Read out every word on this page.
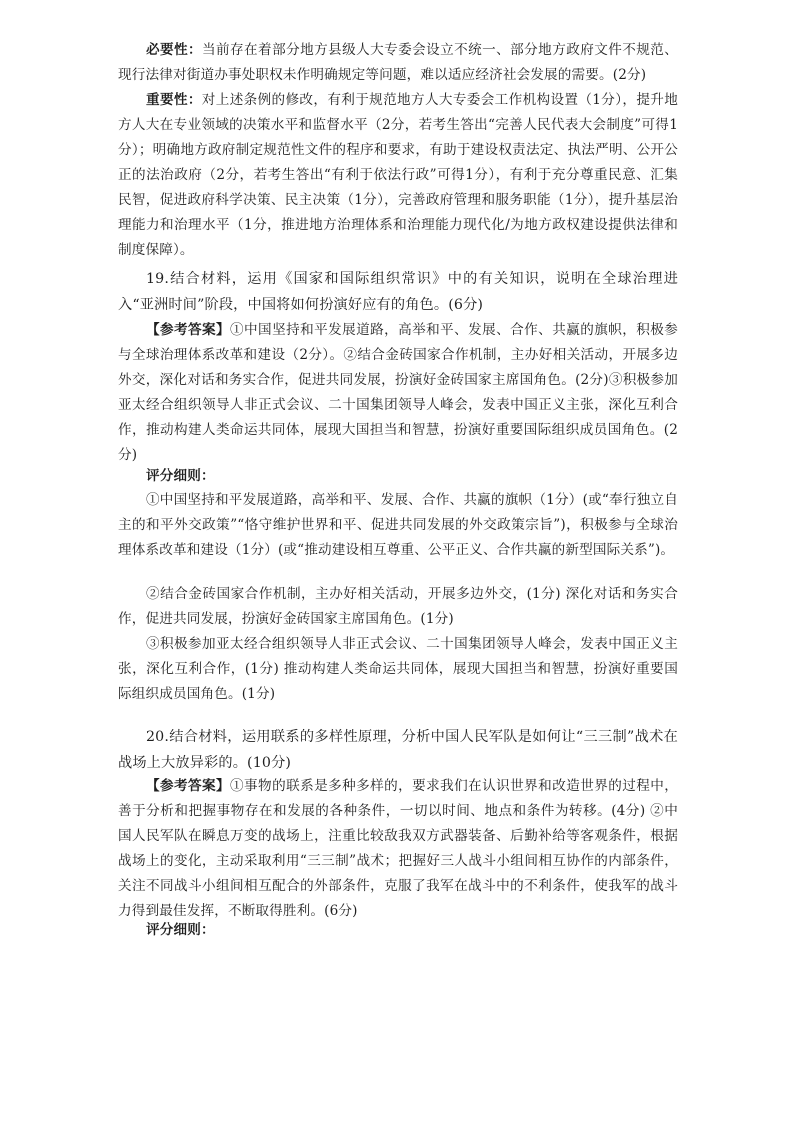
必要性：当前存在着部分地方县级人大专委会设立不统一、部分地方政府文件不规范、现行法律对街道办事处职权未作明确规定等问题，难以适应经济社会发展的需要。(2分)

重要性：对上述条例的修改，有利于规范地方人大专委会工作机构设置（1分），提升地方人大在专业领域的决策水平和监督水平（2分，若考生答出“完善人民代表大会制度”可得1分）；明确地方政府制定规范性文件的程序和要求，有助于建设权责法定、执法严明、公开公正的法治政府（2分，若考生答出“有利于依法行政”可得1分），有利于充分尊重民意、汇集民智，促进政府科学决策、民主决策（1分），完善政府管理和服务职能（1分），提升基层治理能力和治理水平（1分，推进地方治理体系和治理能力现代化/为地方政权建设提供法律和制度保障）。

19.结合材料，运用《国家和国际组织常识》中的有关知识，说明在全球治理进入“亚洲时间”阶段，中国将如何扮演好应有的角色。(6分)

【参考答案】①中国坚持和平发展道路，高举和平、发展、合作、共赢的旗帜，积极参与全球治理体系改革和建设（2分）。②结合金砖国家合作机制，主办好相关活动，开展多边外交，深化对话和务实合作，促进共同发展，扮演好金砖国家主席国角色。(2分)③积极参加亚太经合组织领导人非正式会议、二十国集团领导人峰会，发表中国正义主张，深化互利合作，推动构建人类命运共同体，展现大国担当和智慧，扮演好重要国际组织成员国角色。(2分)

评分细则：

①中国坚持和平发展道路，高举和平、发展、合作、共赢的旗帜（1分）(或“奉行独立自主的和平外交政策”“恪守维护世界和平、促进共同发展的外交政策宗旨”)，积极参与全球治理体系改革和建设（1分）(或“推动建设相互尊重、公平正义、合作共赢的新型国际关系”)。

②结合金砖国家合作机制，主办好相关活动，开展多边外交，(1分) 深化对话和务实合作，促进共同发展，扮演好金砖国家主席国角色。(1分)

③积极参加亚太经合组织领导人非正式会议、二十国集团领导人峰会，发表中国正义主张，深化互利合作，(1分) 推动构建人类命运共同体，展现大国担当和智慧，扮演好重要国际组织成员国角色。(1分)

20.结合材料，运用联系的多样性原理，分析中国人民军队是如何让“三三制”战术在战场上大放异彩的。(10分)

【参考答案】①事物的联系是多种多样的，要求我们在认识世界和改造世界的过程中，善于分析和把握事物存在和发展的各种条件，一切以时间、地点和条件为转移。(4分) ②中国人民军队在瞬息万变的战场上，注重比较敌我双方武器装备、后勤补给等客观条件，根据战场上的变化，主动采取利用“三三制”战术；把握好三人战斗小组间相互协作的内部条件，关注不同战斗小组间相互配合的外部条件，克服了我军在战斗中的不利条件，使我军的战斗力得到最佳发挥，不断取得胜利。(6分)

评分细则：
